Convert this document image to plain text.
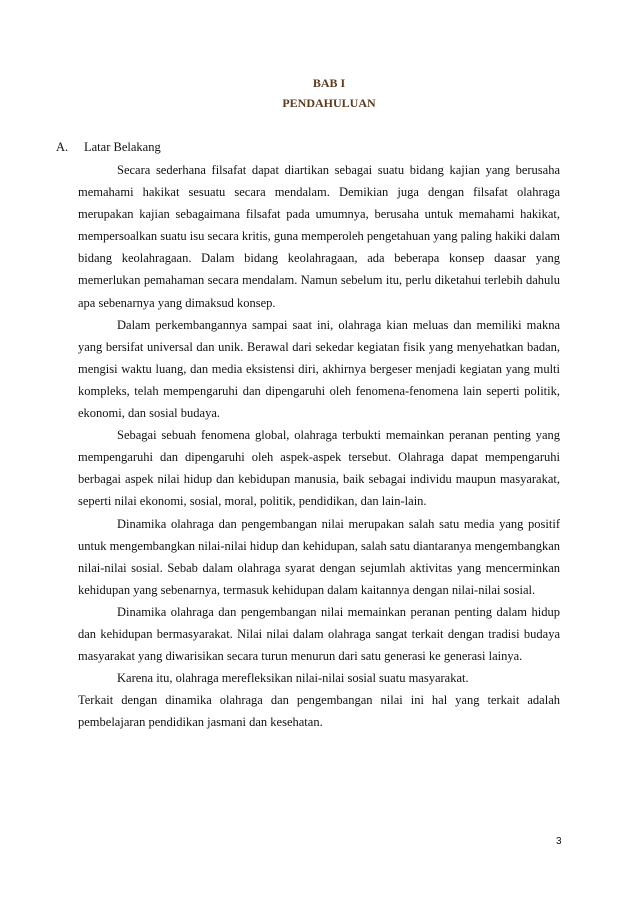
BAB I
PENDAHULUAN
A. Latar Belakang

Secara sederhana filsafat dapat diartikan sebagai suatu bidang kajian yang berusaha memahami hakikat sesuatu secara mendalam. Demikian juga dengan filsafat olahraga merupakan kajian sebagaimana filsafat pada umumnya, berusaha untuk memahami hakikat, mempersoalkan suatu isu secara kritis, guna memperoleh pengetahuan yang paling hakiki dalam bidang keolahragaan. Dalam bidang keolahragaan, ada beberapa konsep daasar yang memerlukan pemahaman secara mendalam. Namun sebelum itu, perlu diketahui terlebih dahulu apa sebenarnya yang dimaksud konsep.

Dalam perkembangannya sampai saat ini, olahraga kian meluas dan memiliki makna yang bersifat universal dan unik. Berawal dari sekedar kegiatan fisik yang menyehatkan badan, mengisi waktu luang, dan media eksistensi diri, akhirnya bergeser menjadi kegiatan yang multi kompleks, telah mempengaruhi dan dipengaruhi oleh fenomena-fenomena lain seperti politik, ekonomi, dan sosial budaya.

Sebagai sebuah fenomena global, olahraga terbukti memainkan peranan penting yang mempengaruhi dan dipengaruhi oleh aspek-aspek tersebut. Olahraga dapat mempengaruhi berbagai aspek nilai hidup dan kebidupan manusia, baik sebagai individu maupun masyarakat, seperti nilai ekonomi, sosial, moral, politik, pendidikan, dan lain-lain.

Dinamika olahraga dan pengembangan nilai merupakan salah satu media yang positif untuk mengembangkan nilai-nilai hidup dan kehidupan, salah satu diantaranya mengembangkan nilai-nilai sosial. Sebab dalam olahraga syarat dengan sejumlah aktivitas yang mencerminkan kehidupan yang sebenarnya, termasuk kehidupan dalam kaitannya dengan nilai-nilai sosial.

Dinamika olahraga dan pengembangan nilai memainkan peranan penting dalam hidup dan kehidupan bermasyarakat. Nilai nilai dalam olahraga sangat terkait dengan tradisi budaya masyarakat yang diwarisikan secara turun menurun dari satu generasi ke generasi lainya.

Karena itu, olahraga merefleksikan nilai-nilai sosial suatu masyarakat.

Terkait dengan dinamika olahraga dan pengembangan nilai ini hal yang terkait adalah pembelajaran pendidikan jasmani dan kesehatan.

3
